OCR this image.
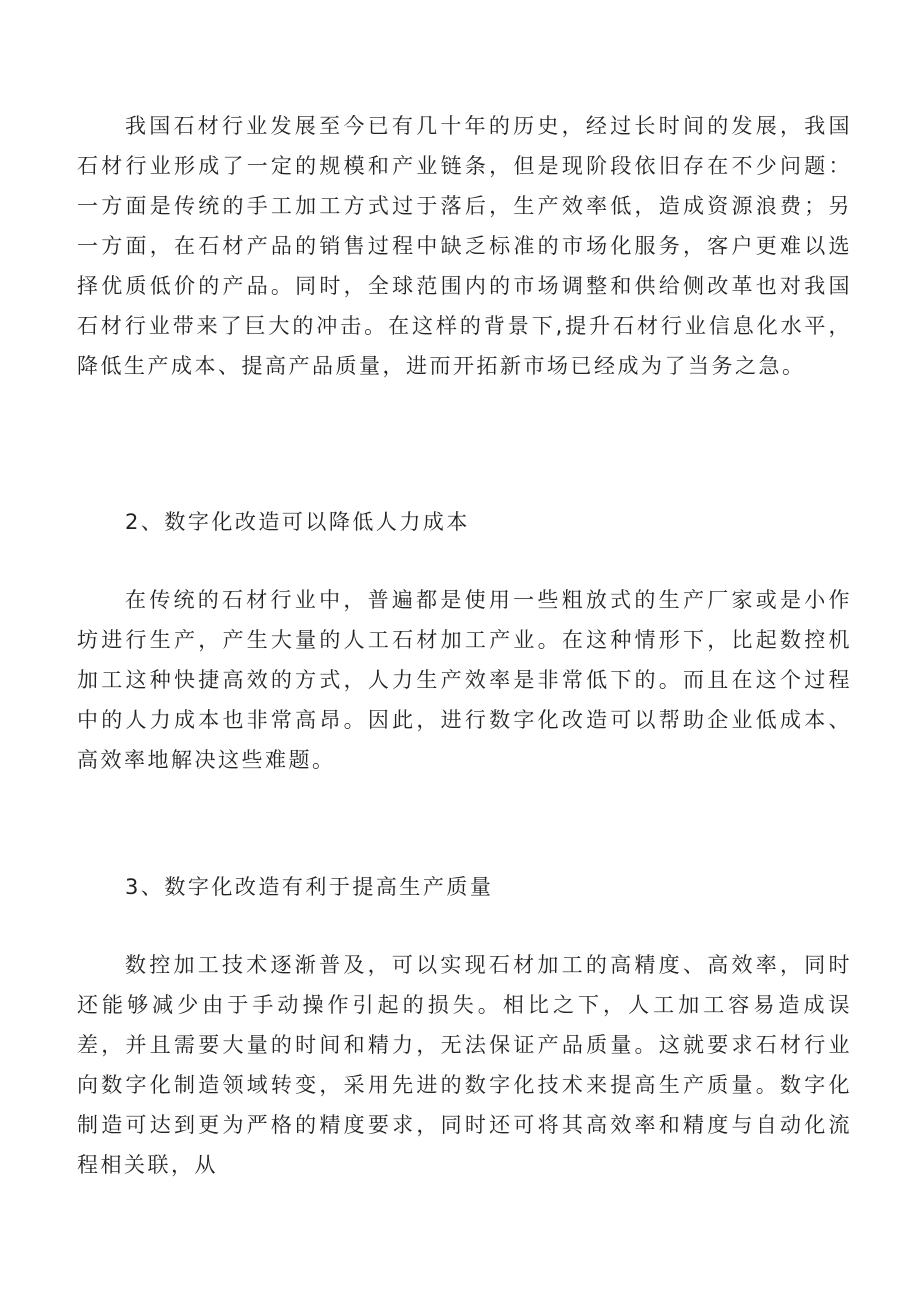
我国石材行业发展至今已有几十年的历史，经过长时间的发展，我国石材行业形成了一定的规模和产业链条，但是现阶段依旧存在不少问题：一方面是传统的手工加工方式过于落后，生产效率低，造成资源浪费；另一方面，在石材产品的销售过程中缺乏标准的市场化服务，客户更难以选择优质低价的产品。同时，全球范围内的市场调整和供给侧改革也对我国石材行业带来了巨大的冲击。在这样的背景下,提升石材行业信息化水平，降低生产成本、提高产品质量，进而开拓新市场已经成为了当务之急。

2、数字化改造可以降低人力成本

在传统的石材行业中，普遍都是使用一些粗放式的生产厂家或是小作坊进行生产，产生大量的人工石材加工产业。在这种情形下，比起数控机加工这种快捷高效的方式，人力生产效率是非常低下的。而且在这个过程中的人力成本也非常高昂。因此，进行数字化改造可以帮助企业低成本、高效率地解决这些难题。

3、数字化改造有利于提高生产质量

数控加工技术逐渐普及，可以实现石材加工的高精度、高效率，同时还能够减少由于手动操作引起的损失。相比之下，人工加工容易造成误差，并且需要大量的时间和精力，无法保证产品质量。这就要求石材行业向数字化制造领域转变，采用先进的数字化技术来提高生产质量。数字化制造可达到更为严格的精度要求，同时还可将其高效率和精度与自动化流程相关联，从
